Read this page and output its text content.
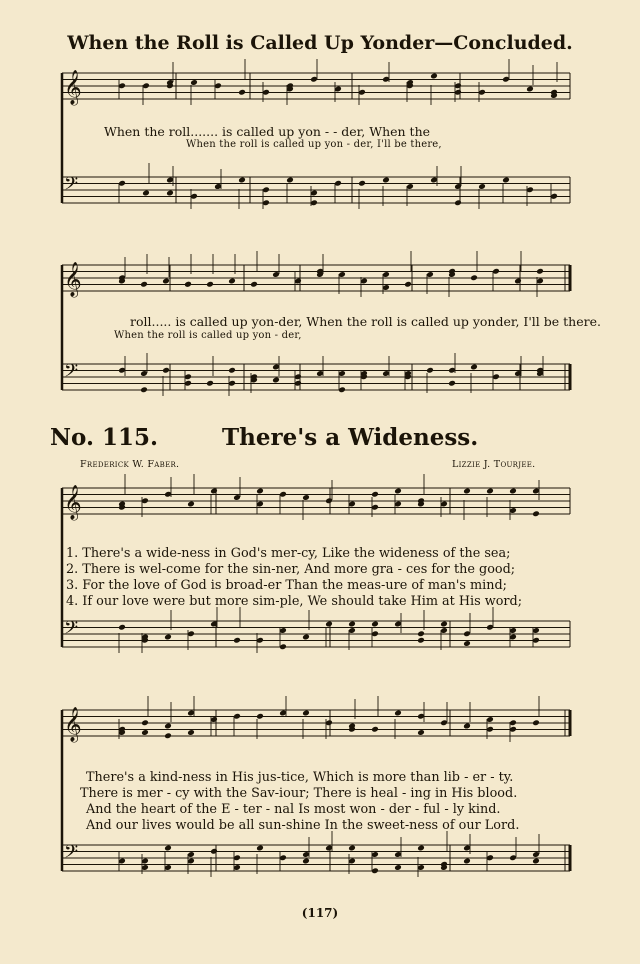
𝄞
𝄢
𝄞
𝄢
𝄞
𝄢
𝄞
𝄢
When the Roll is Called Up Yonder—Concluded.
When the roll....... is called up yon - - der, When the
When the roll is called up yon - der, I'll be there,
roll..... is called up yon-der, When the roll is called up yonder, I'll be there.
When the roll is called up yon - der,
No. 115.	There's a Wideness.
Frederick W. Faber.	Lizzie J. Tourjee.
1. There's a wide-ness in God's mer-cy, Like the wideness of the sea;
2. There is wel-come for the sin-ner, And more gra - ces for the good;
3. For the love of God is broad-er Than the meas-ure of man's mind;
4. If our love were but more sim-ple, We should take Him at His word;
There's a kind-ness in His jus-tice, Which is more than lib - er - ty.
There is mer - cy with the Sav-iour; There is heal - ing in His blood.
And the heart of the E - ter - nal Is most won - der - ful - ly kind.
And our lives would be all sun-shine In the sweet-ness of our Lord.
(117)
